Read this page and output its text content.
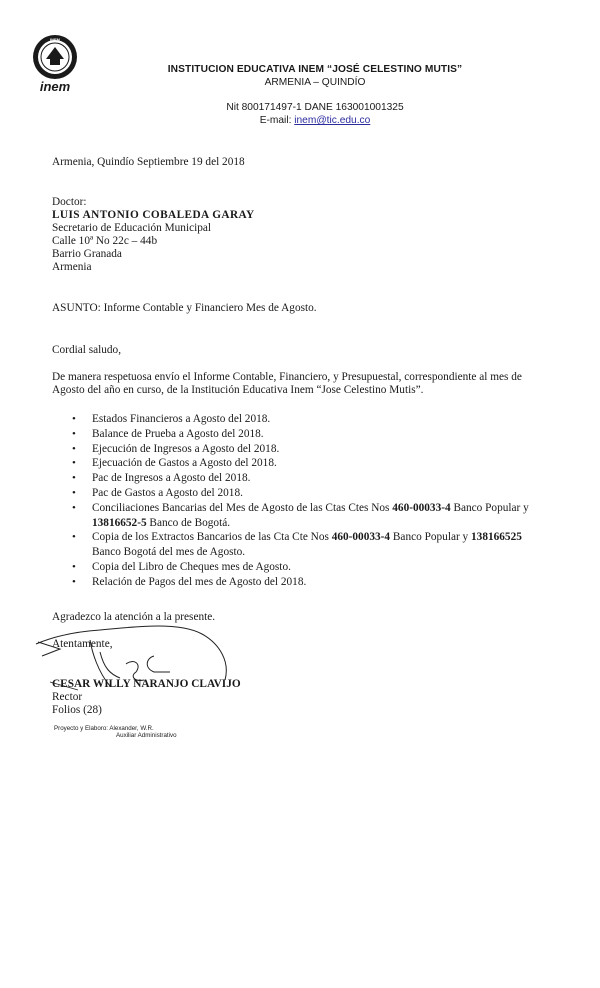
INEM
inem
INSTITUCION EDUCATIVA INEM “JOSÉ CELESTINO MUTIS”
ARMENIA – QUINDÍO
Nit 800171497-1 DANE 163001001325
E-mail: inem@tic.edu.co
Armenia, Quindío Septiembre 19 del 2018
Doctor:
LUIS ANTONIO COBALEDA GARAY
Secretario de Educación Municipal
Calle 10ª No 22c – 44b
Barrio Granada
Armenia
ASUNTO: Informe Contable y Financiero Mes de Agosto.
Cordial saludo,
De manera respetuosa envío el Informe Contable, Financiero, y Presupuestal, correspondiente al mes de
Agosto del año en curso, de la Institución Educativa Inem “Jose Celestino Mutis”.
• Estados Financieros a Agosto del 2018.
• Balance de Prueba a Agosto del 2018.
• Ejecución de Ingresos a Agosto del 2018.
• Ejecuación de Gastos a Agosto del 2018.
• Pac de Ingresos a Agosto del 2018.
• Pac de Gastos a Agosto del 2018.
• Conciliaciones Bancarias del Mes de Agosto de las Ctas Ctes Nos 460-00033-4 Banco Popular y 13816652-5 Banco de Bogotá.
• Copia de los Extractos Bancarios de las Cta Cte Nos 460-00033-4 Banco Popular y 138166525 Banco Bogotá del mes de Agosto.
• Copia del Libro de Cheques mes de Agosto.
• Relación de Pagos del mes de Agosto del 2018.
Agradezco la atención a la presente.
Atentamente,
CESAR WILLY NARANJO CLAVIJO
Rector
Folios (28)
Proyecto y Elaboro: Alexander, W.R.
Auxiliar Administrativo
